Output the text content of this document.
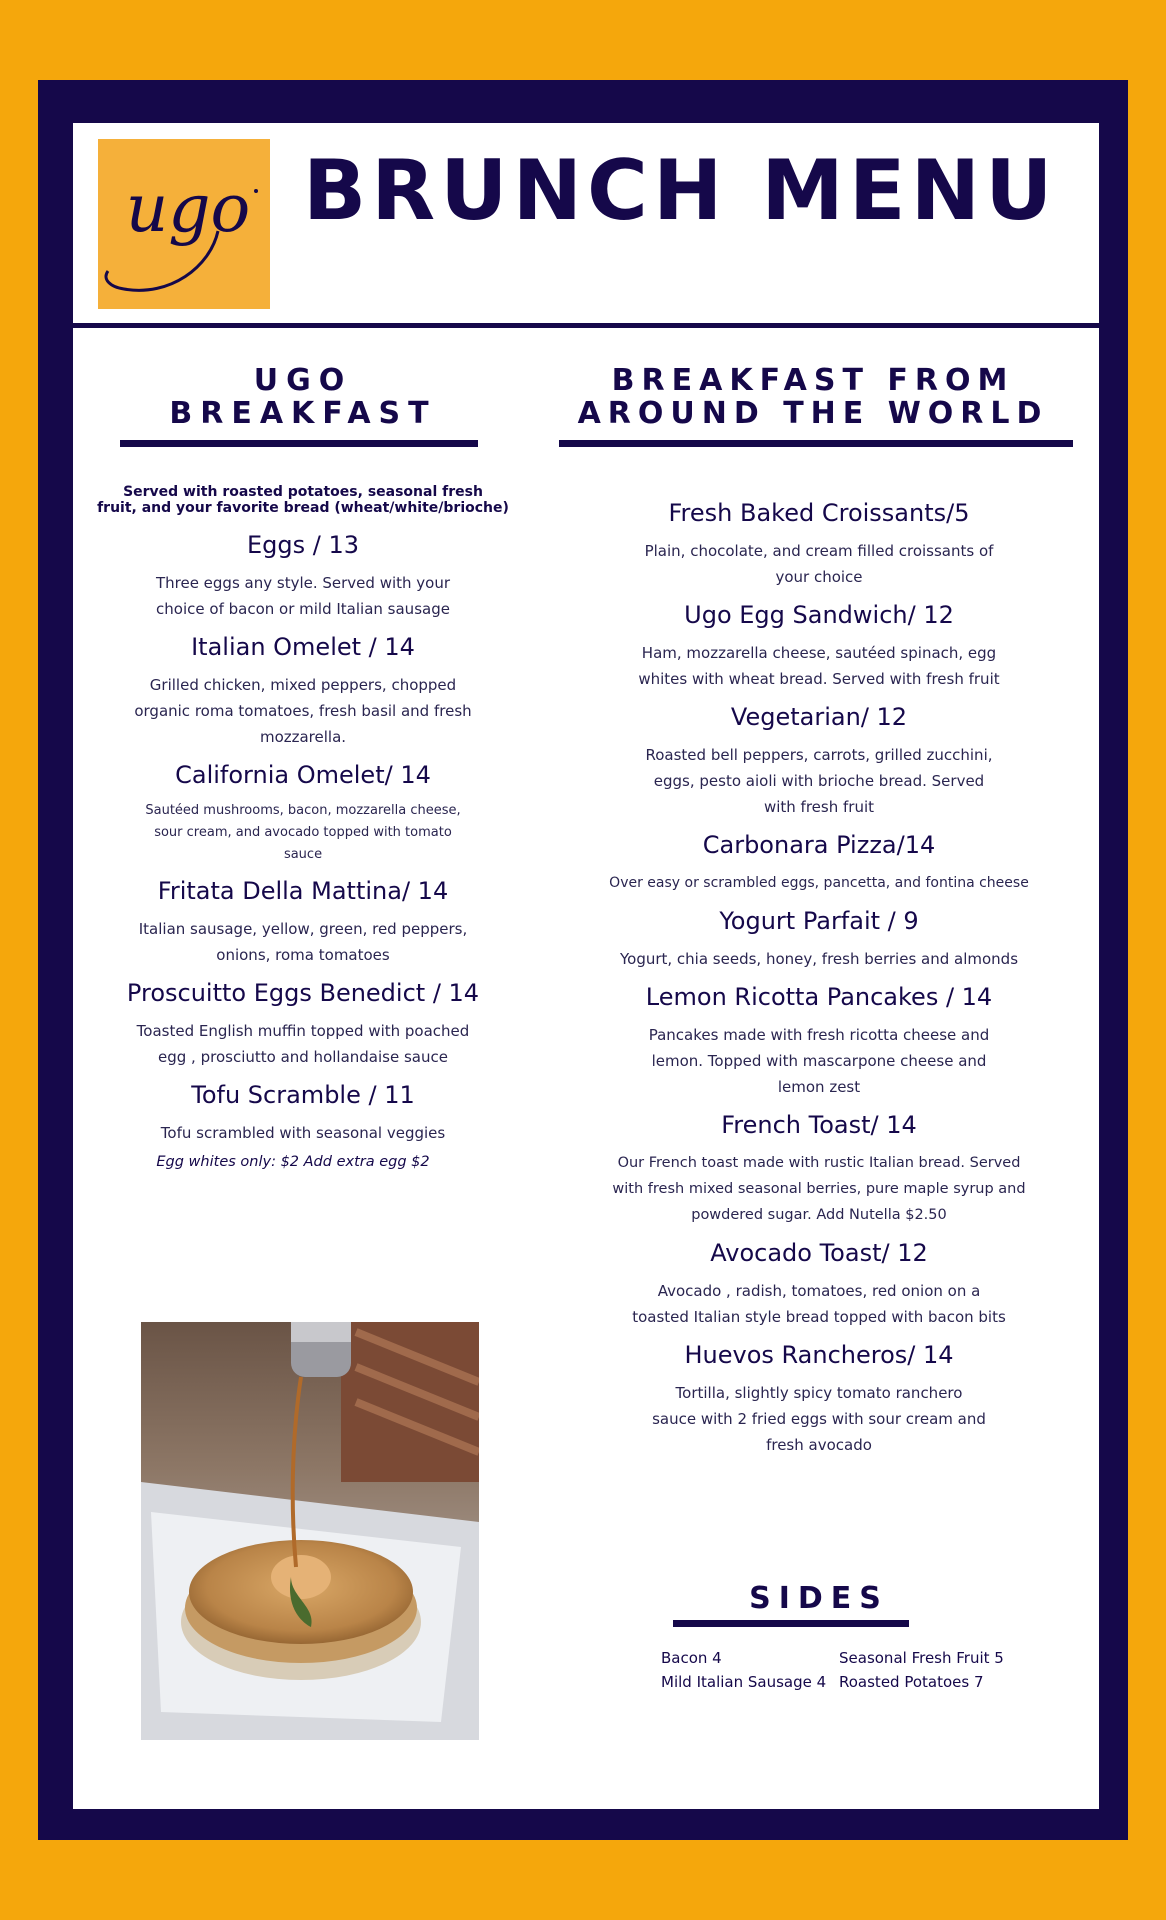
ugo BRUNCH MENU
UGO
BREAKFAST
Served with roasted potatoes, seasonal fresh
fruit, and your favorite bread (wheat/white/brioche)
Eggs / 13
Three eggs any style. Served with your
choice of bacon or mild Italian sausage
Italian Omelet / 14
Grilled chicken, mixed peppers, chopped
organic roma tomatoes, fresh basil and fresh
mozzarella.
California Omelet/ 14
Sautéed mushrooms, bacon, mozzarella cheese,
sour cream, and avocado topped with tomato
sauce
Fritata Della Mattina/ 14
Italian sausage, yellow, green, red peppers,
onions, roma tomatoes
Proscuitto Eggs Benedict / 14
Toasted English muffin topped with poached
egg , prosciutto and hollandaise sauce
Tofu Scramble / 11
Tofu scrambled with seasonal veggies
Egg whites only: $2 Add extra egg $2
BREAKFAST FROM
AROUND THE WORLD
Fresh Baked Croissants/5
Plain, chocolate, and cream filled croissants of
your choice
Ugo Egg Sandwich/ 12
Ham, mozzarella cheese, sautéed spinach, egg
whites with wheat bread. Served with fresh fruit
Vegetarian/ 12
Roasted bell peppers, carrots, grilled zucchini,
eggs, pesto aioli with brioche bread. Served
with fresh fruit
Carbonara Pizza/14
Over easy or scrambled eggs, pancetta, and fontina cheese
Yogurt Parfait / 9
Yogurt, chia seeds, honey, fresh berries and almonds
Lemon Ricotta Pancakes / 14
Pancakes made with fresh ricotta cheese and
lemon. Topped with mascarpone cheese and
lemon zest
French Toast/ 14
Our French toast made with rustic Italian bread. Served
with fresh mixed seasonal berries, pure maple syrup and
powdered sugar. Add Nutella $2.50
Avocado Toast/ 12
Avocado , radish, tomatoes, red onion on a
toasted Italian style bread topped with bacon bits
Huevos Rancheros/ 14
Tortilla, slightly spicy tomato ranchero
sauce with 2 fried eggs with sour cream and
fresh avocado
SIDES
Bacon 4
Mild Italian Sausage 4
Seasonal Fresh Fruit 5
Roasted Potatoes 7
